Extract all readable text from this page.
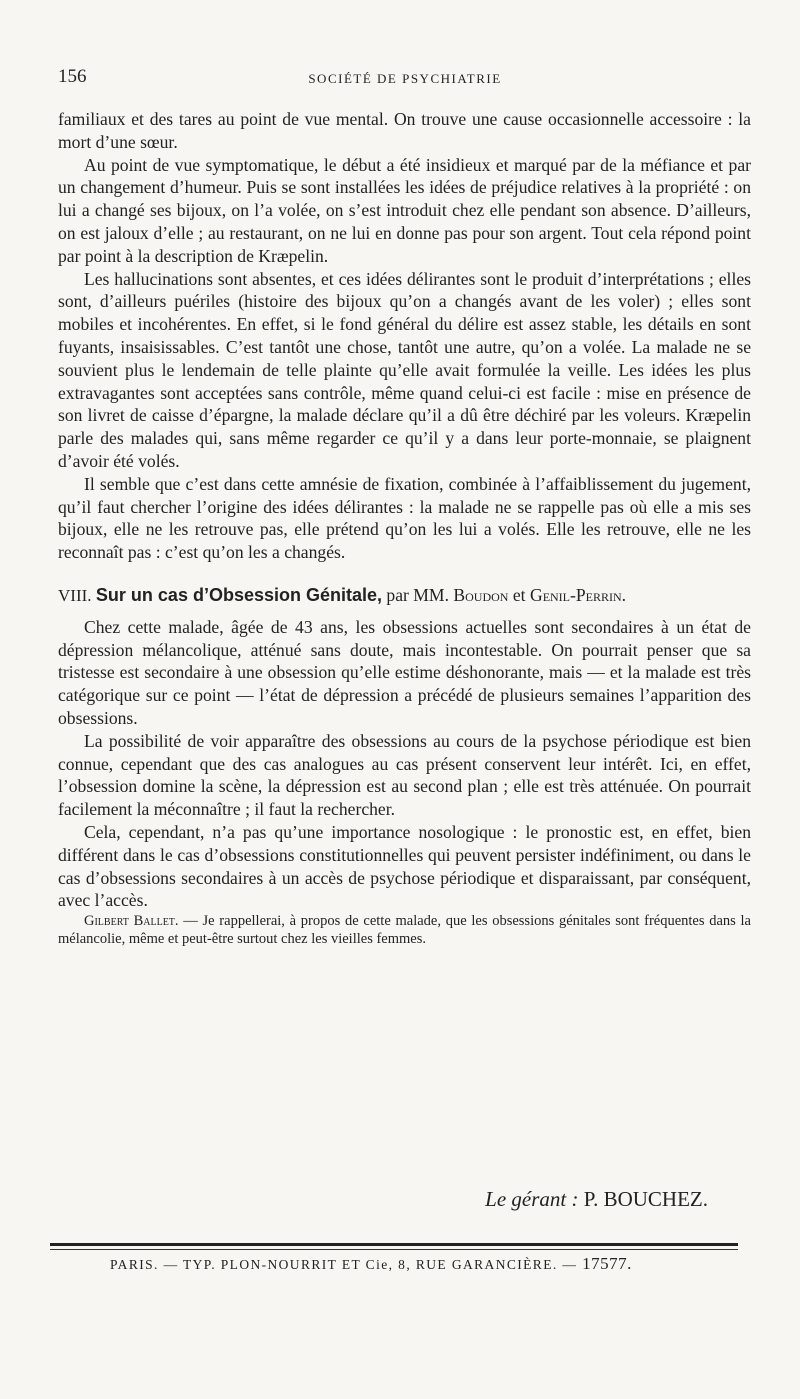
156	SOCIÉTÉ DE PSYCHIATRIE

familiaux et des tares au point de vue mental. On trouve une cause occasionnelle accessoire : la mort d’une sœur.

Au point de vue symptomatique, le début a été insidieux et marqué par de la méfiance et par un changement d’humeur. Puis se sont installées les idées de préjudice relatives à la propriété : on lui a changé ses bijoux, on l’a volée, on s’est introduit chez elle pendant son absence. D’ailleurs, on est jaloux d’elle ; au restaurant, on ne lui en donne pas pour son argent. Tout cela répond point par point à la description de Kræpelin.

Les hallucinations sont absentes, et ces idées délirantes sont le produit d’interprétations ; elles sont, d’ailleurs puériles (histoire des bijoux qu’on a changés avant de les voler) ; elles sont mobiles et incohérentes. En effet, si le fond général du délire est assez stable, les détails en sont fuyants, insaisissables. C’est tantôt une chose, tantôt une autre, qu’on a volée. La malade ne se souvient plus le lendemain de telle plainte qu’elle avait formulée la veille. Les idées les plus extravagantes sont acceptées sans contrôle, même quand celui-ci est facile : mise en présence de son livret de caisse d’épargne, la malade déclare qu’il a dû être déchiré par les voleurs. Kræpelin parle des malades qui, sans même regarder ce qu’il y a dans leur porte-monnaie, se plaignent d’avoir été volés.

Il semble que c’est dans cette amnésie de fixation, combinée à l’affaiblissement du jugement, qu’il faut chercher l’origine des idées délirantes : la malade ne se rappelle pas où elle a mis ses bijoux, elle ne les retrouve pas, elle prétend qu’on les lui a volés. Elle les retrouve, elle ne les reconnaît pas : c’est qu’on les a changés.

VIII. Sur un cas d’Obsession Génitale, par MM. Boudon et Genil-Perrin.

Chez cette malade, âgée de 43 ans, les obsessions actuelles sont secondaires à un état de dépression mélancolique, atténué sans doute, mais incontestable. On pourrait penser que sa tristesse est secondaire à une obsession qu’elle estime déshonorante, mais — et la malade est très catégorique sur ce point — l’état de dépression a précédé de plusieurs semaines l’apparition des obsessions.

La possibilité de voir apparaître des obsessions au cours de la psychose périodique est bien connue, cependant que des cas analogues au cas présent conservent leur intérêt. Ici, en effet, l’obsession domine la scène, la dépression est au second plan ; elle est très atténuée. On pourrait facilement la méconnaître ; il faut la rechercher.

Cela, cependant, n’a pas qu’une importance nosologique : le pronostic est, en effet, bien différent dans le cas d’obsessions constitutionnelles qui peuvent persister indéfiniment, ou dans le cas d’obsessions secondaires à un accès de psychose périodique et disparaissant, par conséquent, avec l’accès.

Gilbert Ballet. — Je rappellerai, à propos de cette malade, que les obsessions génitales sont fréquentes dans la mélancolie, même et peut-être surtout chez les vieilles femmes.

Le gérant : P. BOUCHEZ.
PARIS. — TYP. PLON-NOURRIT ET Cie, 8, RUE GARANCIÈRE. — 17577.
